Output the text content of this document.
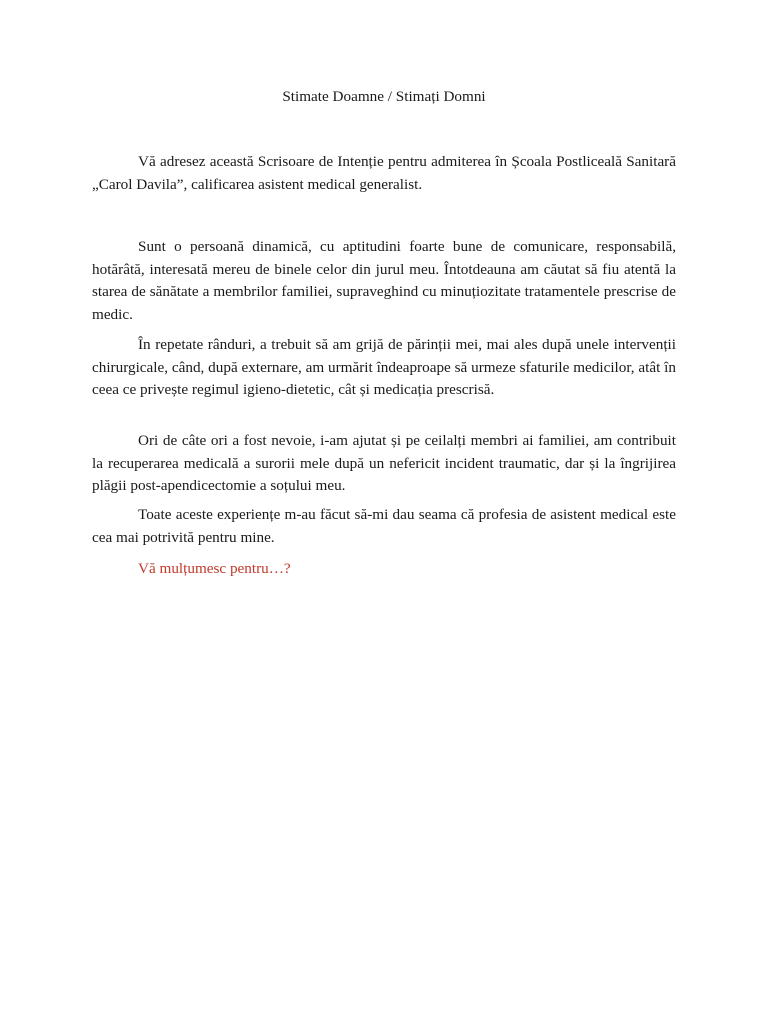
Stimate Doamne / Stimați Domni

Vă adresez această Scrisoare de Intenție pentru admiterea în Școala Postliceală Sanitară „Carol Davila”, calificarea asistent medical generalist.

Sunt o persoană dinamică, cu aptitudini foarte bune de comunicare, responsabilă, hotărâtă, interesată mereu de binele celor din jurul meu. Întotdeauna am căutat să fiu atentă la starea de sănătate a membrilor familiei, supraveghind cu minuțiozitate tratamentele prescrise de medic.

În repetate rânduri, a trebuit să am grijă de părinții mei, mai ales după unele intervenții chirurgicale, când, după externare, am urmărit îndeaproape să urmeze sfaturile medicilor, atât în ceea ce privește regimul igieno-dietetic, cât și medicația prescrisă.

Ori de câte ori a fost nevoie, i-am ajutat și pe ceilalți membri ai familiei, am contribuit la recuperarea medicală a surorii mele după un nefericit incident traumatic, dar și la îngrijirea plăgii post-apendicectomie a soțului meu.

Toate aceste experiențe m-au făcut să-mi dau seama că profesia de asistent medical este cea mai potrivită pentru mine.

Vă mulțumesc pentru…?
